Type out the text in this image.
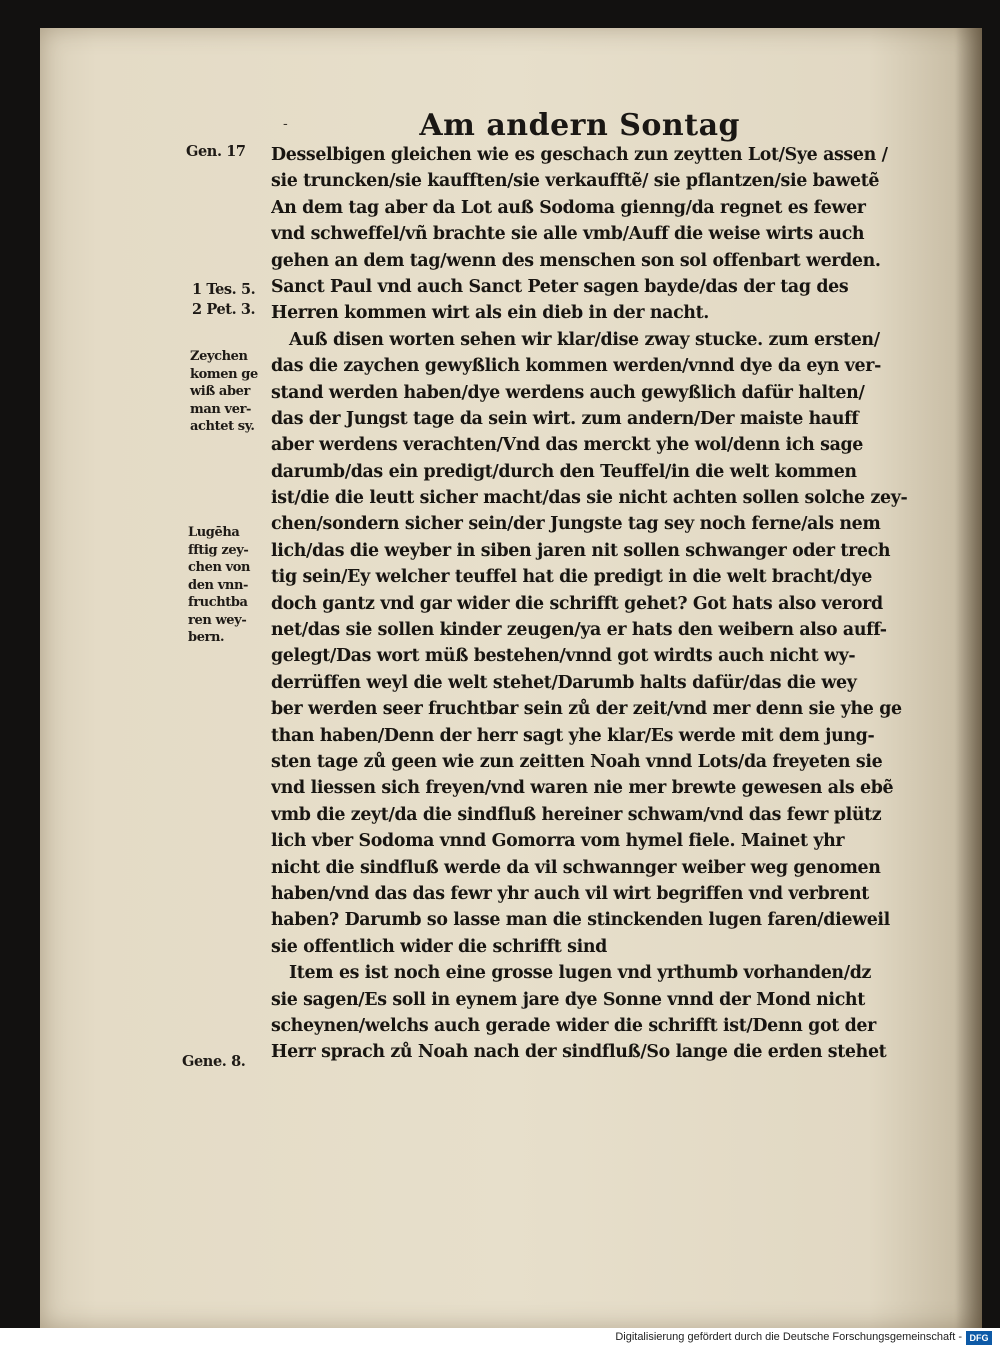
-	Am andern Sontag
Gen. 17
1 Tes. 5.
2 Pet. 3.
Zeychen
komen ge
wiß aber
man ver-
achtet sy.
Lugēha
fftig zey-
chen von
den vnn-
fruchtba
ren wey-
bern.
Gene. 8.
Desselbigen gleichen wie es geschach zun zeytten Lot/Sye assen /
sie truncken/sie kaufften/sie verkaufftẽ/ sie pflantzen/sie bawetẽ
An dem tag aber da Lot auß Sodoma gienng/da regnet es fewer
vnd schweffel/vñ brachte sie alle vmb/Auff die weise wirts auch
gehen an dem tag/wenn des menschen son sol offenbart werden.
Sanct Paul vnd auch Sanct Peter sagen bayde/das der tag des
Herren kommen wirt als ein dieb in der nacht.
Auß disen worten sehen wir klar/dise zway stucke. zum ersten/
das die zaychen gewyßlich kommen werden/vnnd dye da eyn ver-
stand werden haben/dye werdens auch gewyßlich dafür halten/
das der Jungst tage da sein wirt. zum andern/Der maiste hauff
aber werdens verachten/Vnd das merckt yhe wol/denn ich sage
darumb/das ein predigt/durch den Teuffel/in die welt kommen
ist/die die leutt sicher macht/das sie nicht achten sollen solche zey-
chen/sondern sicher sein/der Jungste tag sey noch ferne/als nem
lich/das die weyber in siben jaren nit sollen schwanger oder trech
tig sein/Ey welcher teuffel hat die predigt in die welt bracht/dye
doch gantz vnd gar wider die schrifft gehet? Got hats also verord
net/das sie sollen kinder zeugen/ya er hats den weibern also auff-
gelegt/Das wort müß bestehen/vnnd got wirdts auch nicht wy-
derrüffen weyl die welt stehet/Darumb halts dafür/das die wey
ber werden seer fruchtbar sein zů der zeit/vnd mer denn sie yhe ge
than haben/Denn der herr sagt yhe klar/Es werde mit dem jung-
sten tage zů geen wie zun zeitten Noah vnnd Lots/da freyeten sie
vnd liessen sich freyen/vnd waren nie mer brewte gewesen als ebẽ
vmb die zeyt/da die sindfluß hereiner schwam/vnd das fewr plütz
lich vber Sodoma vnnd Gomorra vom hymel fiele. Mainet yhr
nicht die sindfluß werde da vil schwannger weiber weg genomen
haben/vnd das das fewr yhr auch vil wirt begriffen vnd verbrent
haben? Darumb so lasse man die stinckenden lugen faren/dieweil
sie offentlich wider die schrifft sind
Item es ist noch eine grosse lugen vnd yrthumb vorhanden/dz
sie sagen/Es soll in eynem jare dye Sonne vnnd der Mond nicht
scheynen/welchs auch gerade wider die schrifft ist/Denn got der
Herr sprach zů Noah nach der sindfluß/So lange die erden stehet
Digitalisierung gefördert durch die Deutsche Forschungsgemeinschaft - DFG
